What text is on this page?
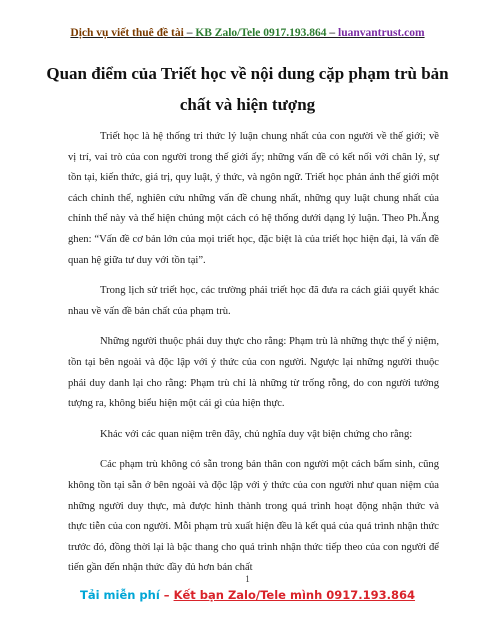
Dịch vụ viết thuê đề tài – KB Zalo/Tele 0917.193.864 – luanvantrust.com
Quan điểm của Triết học về nội dung cặp phạm trù bản chất và hiện tượng

Triết học là hệ thống tri thức lý luận chung nhất của con người về thế giới; về vị trí, vai trò của con người trong thế giới ấy; những vấn đề có kết nối với chân lý, sự tồn tại, kiến thức, giá trị, quy luật, ý thức, và ngôn ngữ. Triết học phản ánh thế giới một cách chỉnh thể, nghiên cứu những vấn đề chung nhất, những quy luật chung nhất của chỉnh thể này và thể hiện chúng một cách có hệ thống dưới dạng lý luận. Theo Ph.Ăng ghen: “Vấn đề cơ bản lớn của mọi triết học, đặc biệt là của triết học hiện đại, là vấn đề quan hệ giữa tư duy với tồn tại”.

Trong lịch sử triết học, các trường phái triết học đã đưa ra cách giải quyết khác nhau về vấn đề bản chất của phạm trù.

Những người thuộc phái duy thực cho rằng: Phạm trù là những thực thể ý niệm, tồn tại bên ngoài và độc lập với ý thức của con người. Ngược lại những người thuộc phái duy danh lại cho rằng: Phạm trù chỉ là những từ trống rỗng, do con người tưởng tượng ra, không biểu hiện một cái gì của hiện thực.

Khác với các quan niệm trên đây, chủ nghĩa duy vật biện chứng cho rằng:

Các phạm trù không có sẵn trong bản thân con người một cách bẩm sinh, cũng không tồn tại sẵn ở bên ngoài và độc lập với ý thức của con người như quan niệm của những người duy thực, mà được hình thành trong quá trình hoạt động nhận thức và thực tiễn của con người. Mỗi phạm trù xuất hiện đều là kết quả của quá trình nhận thức trước đó, đồng thời lại là bậc thang cho quá trình nhận thức tiếp theo của con người để tiến gần đến nhận thức đầy đủ hơn bản chất

1
Tải miễn phí – Kết bạn Zalo/Tele mình 0917.193.864
